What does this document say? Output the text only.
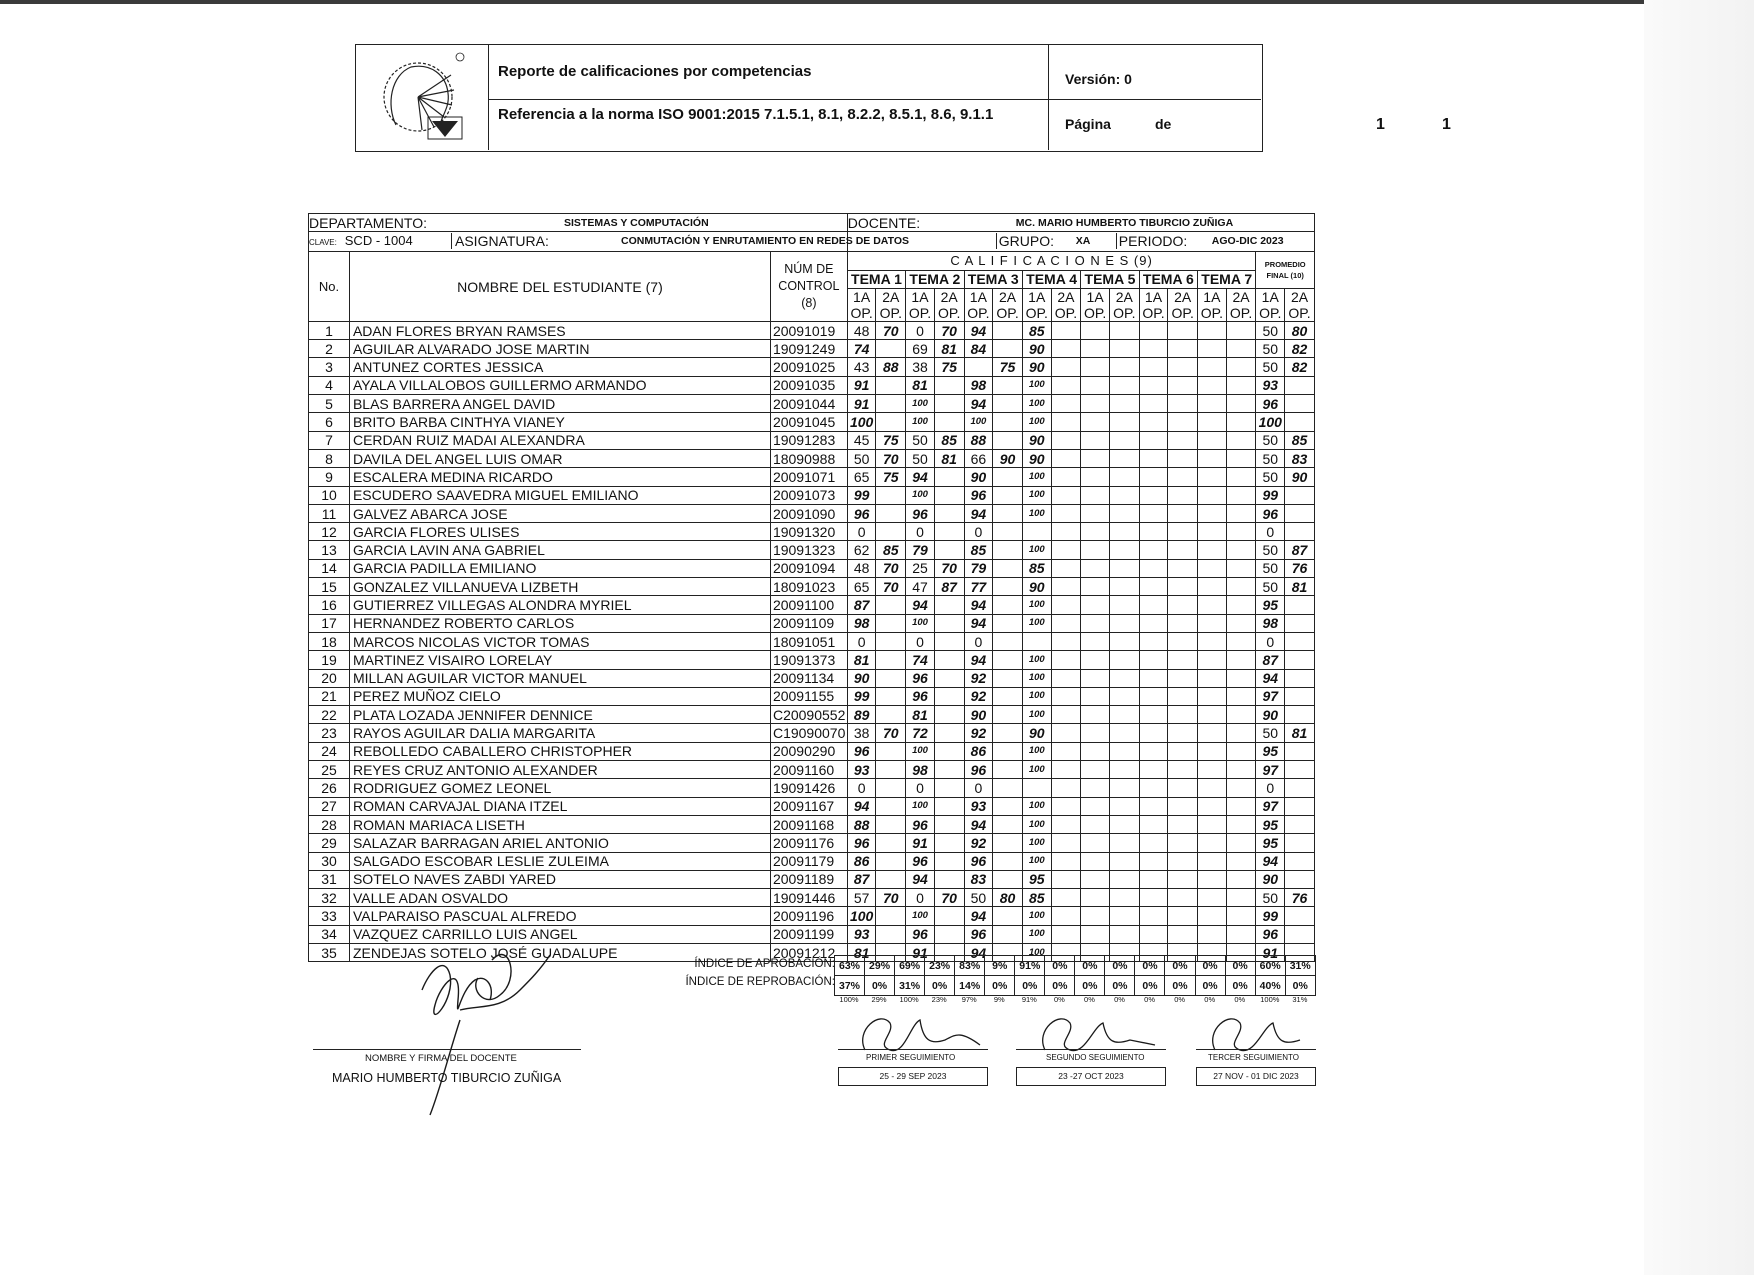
Reporte de calificaciones por competencias
Referencia a la norma ISO 9001:2015 7.1.5.1, 8.1, 8.2.2, 8.5.1, 8.6, 9.1.1
Versión: 0
Página	de	1	1
DEPARTAMENTO: SISTEMAS Y COMPUTACIÓN			DOCENTE: MC. MARIO HUMBERTO TIBURCIO ZUÑIGA															

CLAVE: SCD - 1004 ASIGNATURA: CONMUTACIÓN Y ENRUTAMIENTO EN REDES DE DATOS			GRUPO: XA PERIODO: AGO-DIC 2023															

No.	NOMBRE DEL ESTUDIANTE (7)	NÚM DE CONTROL (8)	C A L I F I C A C I O N E S (9)														PROMEDIO FINAL (10)	
			TEMA 1		TEMA 2		TEMA 3		TEMA 4		TEMA 5		TEMA 6		TEMA 7			
			1A OP.	2A OP.	1A OP.	2A OP.	1A OP.	2A OP.	1A OP.	2A OP.	1A OP.	2A OP.	1A OP.	2A OP.	1A OP.	2A OP.	1A OP.	2A OP.
1	ADAN FLORES BRYAN RAMSES	20091019	48	70	0	70	94		85								50	80
2	AGUILAR ALVARADO JOSE MARTIN	19091249	74		69	81	84		90								50	82
3	ANTUNEZ CORTES JESSICA	20091025	43	88	38	75		75	90								50	82
4	AYALA VILLALOBOS GUILLERMO ARMANDO	20091035	91		81		98		100								93	
5	BLAS BARRERA ANGEL DAVID	20091044	91		100		94		100								96	
6	BRITO BARBA CINTHYA VIANEY	20091045	100		100		100		100								100	
7	CERDAN RUIZ MADAI ALEXANDRA	19091283	45	75	50	85	88		90								50	85
8	DAVILA DEL ANGEL LUIS OMAR	18090988	50	70	50	81	66	90	90								50	83
9	ESCALERA MEDINA RICARDO	20091071	65	75	94		90		100								50	90
10	ESCUDERO SAAVEDRA MIGUEL EMILIANO	20091073	99		100		96		100								99	
11	GALVEZ ABARCA JOSE	20091090	96		96		94		100								96	
12	GARCIA FLORES ULISES	19091320	0		0		0										0	
13	GARCIA LAVIN ANA GABRIEL	19091323	62	85	79		85		100								50	87
14	GARCIA PADILLA EMILIANO	20091094	48	70	25	70	79		85								50	76
15	GONZALEZ VILLANUEVA LIZBETH	18091023	65	70	47	87	77		90								50	81
16	GUTIERREZ VILLEGAS ALONDRA MYRIEL	20091100	87		94		94		100								95	
17	HERNANDEZ ROBERTO CARLOS	20091109	98		100		94		100								98	
18	MARCOS NICOLAS VICTOR TOMAS	18091051	0		0		0										0	
19	MARTINEZ VISAIRO LORELAY	19091373	81		74		94		100								87	
20	MILLAN AGUILAR VICTOR MANUEL	20091134	90		96		92		100								94	
21	PEREZ MUÑOZ CIELO	20091155	99		96		92		100								97	
22	PLATA LOZADA JENNIFER DENNICE	C20090552	89		81		90		100								90	
23	RAYOS AGUILAR DALIA MARGARITA	C19090070	38	70	72		92		90								50	81
24	REBOLLEDO CABALLERO CHRISTOPHER	20090290	96		100		86		100								95	
25	REYES CRUZ ANTONIO ALEXANDER	20091160	93		98		96		100								97	
26	RODRIGUEZ GOMEZ LEONEL	19091426	0		0		0										0	
27	ROMAN CARVAJAL DIANA ITZEL	20091167	94		100		93		100								97	
28	ROMAN MARIACA LISETH	20091168	88		96		94		100								95	
29	SALAZAR BARRAGAN ARIEL ANTONIO	20091176	96		91		92		100								95	
30	SALGADO ESCOBAR LESLIE ZULEIMA	20091179	86		96		96		100								94	
31	SOTELO NAVES ZABDI YARED	20091189	87		94		83		95								90	
32	VALLE ADAN OSVALDO	19091446	57	70	0	70	50	80	85								50	76
33	VALPARAISO PASCUAL ALFREDO	20091196	100		100		94		100								99	
34	VAZQUEZ CARRILLO LUIS ANGEL	20091199	93		96		96		100								96	
35	ZENDEJAS SOTELO JOSÉ GUADALUPE	20091212	81		91		94		100								91	
ÍNDICE DE APROBACIÓN:
ÍNDICE DE REPROBACIÓN:
63%	29%	69%	23%	83%	9%	91%	0%	0%	0%	0%	0%	0%	0%	60%	31%
37%	0%	31%	0%	14%	0%	0%	0%	0%	0%	0%	0%	0%	0%	40%	0%
100%	29%	100%	23%	97%	9%	91%	0%	0%	0%	0%	0%	0%	0%	100%	31%
NOMBRE Y FIRMA DEL DOCENTE
MARIO HUMBERTO TIBURCIO ZUÑIGA
PRIMER SEGUIMIENTO
25 - 29 SEP 2023
SEGUNDO SEGUIMIENTO
23 -27 OCT 2023
TERCER SEGUIMIENTO
27 NOV - 01 DIC 2023
